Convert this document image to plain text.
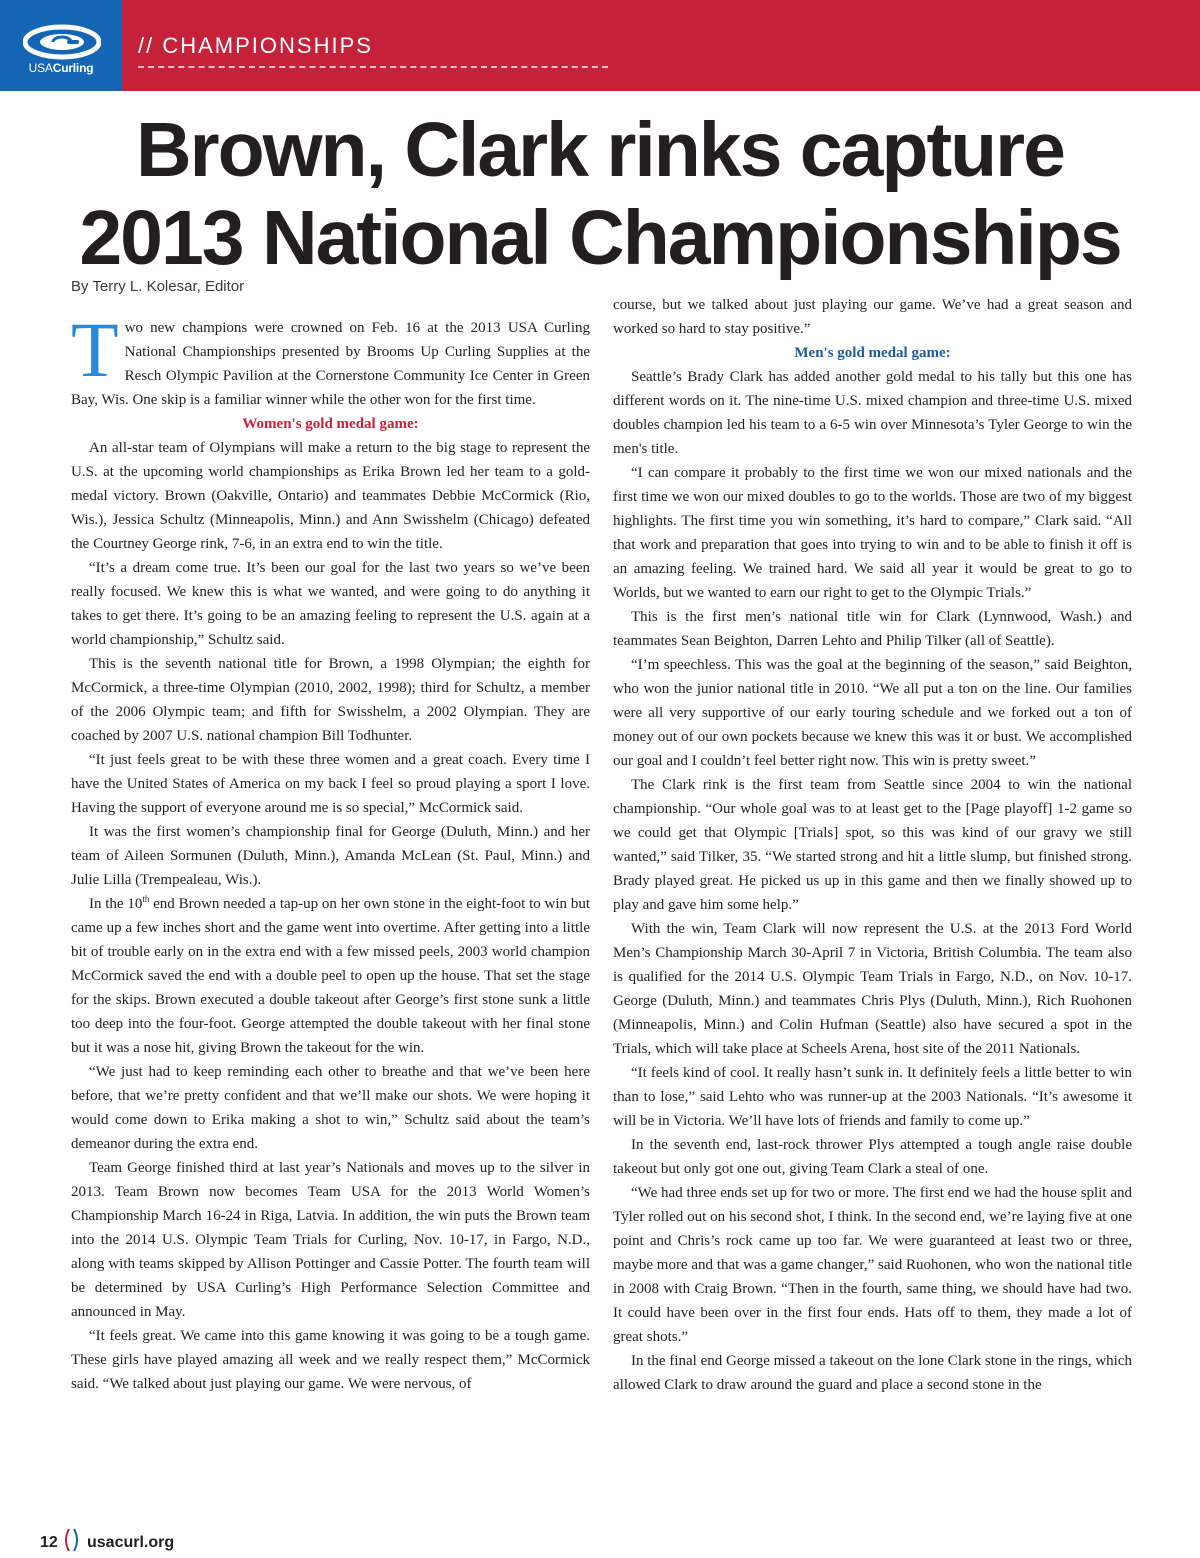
USACurling
// CHAMPIONSHIPS
Brown, Clark rinks capture
2013 National Championships
By Terry L. Kolesar, Editor

Two new champions were crowned on Feb. 16 at the 2013 USA Curling National Championships presented by Brooms Up Curling Supplies at the Resch Olympic Pavilion at the Cornerstone Community Ice Center in Green Bay, Wis. One skip is a familiar winner while the other won for the first time.

Women's gold medal game:

An all-star team of Olympians will make a return to the big stage to represent the U.S. at the upcoming world championships as Erika Brown led her team to a gold-medal victory. Brown (Oakville, Ontario) and teammates Debbie McCormick (Rio, Wis.), Jessica Schultz (Minneapolis, Minn.) and Ann Swisshelm (Chicago) defeated the Courtney George rink, 7-6, in an extra end to win the title.

“It’s a dream come true. It’s been our goal for the last two years so we’ve been really focused. We knew this is what we wanted, and were going to do anything it takes to get there. It’s going to be an amazing feeling to represent the U.S. again at a world championship,” Schultz said.

This is the seventh national title for Brown, a 1998 Olympian; the eighth for McCormick, a three-time Olympian (2010, 2002, 1998); third for Schultz, a member of the 2006 Olympic team; and fifth for Swisshelm, a 2002 Olympian. They are coached by 2007 U.S. national champion Bill Todhunter.

“It just feels great to be with these three women and a great coach. Every time I have the United States of America on my back I feel so proud playing a sport I love. Having the support of everyone around me is so special,” McCormick said.

It was the first women’s championship final for George (Duluth, Minn.) and her team of Aileen Sormunen (Duluth, Minn.), Amanda McLean (St. Paul, Minn.) and Julie Lilla (Trempealeau, Wis.).

In the 10th end Brown needed a tap-up on her own stone in the eight-foot to win but came up a few inches short and the game went into overtime. After getting into a little bit of trouble early on in the extra end with a few missed peels, 2003 world champion McCormick saved the end with a double peel to open up the house. That set the stage for the skips. Brown executed a double takeout after George’s first stone sunk a little too deep into the four-foot. George attempted the double takeout with her final stone but it was a nose hit, giving Brown the takeout for the win.

“We just had to keep reminding each other to breathe and that we’ve been here before, that we’re pretty confident and that we’ll make our shots. We were hoping it would come down to Erika making a shot to win,” Schultz said about the team’s demeanor during the extra end.

Team George finished third at last year’s Nationals and moves up to the silver in 2013. Team Brown now becomes Team USA for the 2013 World Women’s Championship March 16-24 in Riga, Latvia. In addition, the win puts the Brown team into the 2014 U.S. Olympic Team Trials for Curling, Nov. 10-17, in Fargo, N.D., along with teams skipped by Allison Pottinger and Cassie Potter. The fourth team will be determined by USA Curling’s High Performance Selection Committee and announced in May.

“It feels great. We came into this game knowing it was going to be a tough game. These girls have played amazing all week and we really respect them,” McCormick said. “We talked about just playing our game. We were nervous, of

course, but we talked about just playing our game. We’ve had a great season and worked so hard to stay positive.”

Men's gold medal game:

Seattle’s Brady Clark has added another gold medal to his tally but this one has different words on it. The nine-time U.S. mixed champion and three-time U.S. mixed doubles champion led his team to a 6-5 win over Minnesota’s Tyler George to win the men's title.

“I can compare it probably to the first time we won our mixed nationals and the first time we won our mixed doubles to go to the worlds. Those are two of my biggest highlights. The first time you win something, it’s hard to compare,” Clark said. “All that work and preparation that goes into trying to win and to be able to finish it off is an amazing feeling. We trained hard. We said all year it would be great to go to Worlds, but we wanted to earn our right to get to the Olympic Trials.”

This is the first men’s national title win for Clark (Lynnwood, Wash.) and teammates Sean Beighton, Darren Lehto and Philip Tilker (all of Seattle).

“I’m speechless. This was the goal at the beginning of the season,” said Beighton, who won the junior national title in 2010. “We all put a ton on the line. Our families were all very supportive of our early touring schedule and we forked out a ton of money out of our own pockets because we knew this was it or bust. We accomplished our goal and I couldn’t feel better right now. This win is pretty sweet.”

The Clark rink is the first team from Seattle since 2004 to win the national championship. “Our whole goal was to at least get to the [Page playoff] 1-2 game so we could get that Olympic [Trials] spot, so this was kind of our gravy we still wanted,” said Tilker, 35. “We started strong and hit a little slump, but finished strong. Brady played great. He picked us up in this game and then we finally showed up to play and gave him some help.”

With the win, Team Clark will now represent the U.S. at the 2013 Ford World Men’s Championship March 30-April 7 in Victoria, British Columbia. The team also is qualified for the 2014 U.S. Olympic Team Trials in Fargo, N.D., on Nov. 10-17. George (Duluth, Minn.) and teammates Chris Plys (Duluth, Minn.), Rich Ruohonen (Minneapolis, Minn.) and Colin Hufman (Seattle) also have secured a spot in the Trials, which will take place at Scheels Arena, host site of the 2011 Nationals.

“It feels kind of cool. It really hasn’t sunk in. It definitely feels a little better to win than to lose,” said Lehto who was runner-up at the 2003 Nationals. “It’s awesome it will be in Victoria. We’ll have lots of friends and family to come up.”

In the seventh end, last-rock thrower Plys attempted a tough angle raise double takeout but only got one out, giving Team Clark a steal of one.

“We had three ends set up for two or more. The first end we had the house split and Tyler rolled out on his second shot, I think. In the second end, we’re laying five at one point and Chris’s rock came up too far. We were guaranteed at least two or three, maybe more and that was a game changer,” said Ruohonen, who won the national title in 2008 with Craig Brown. “Then in the fourth, same thing, we should have had two. It could have been over in the first four ends. Hats off to them, they made a lot of great shots.”

In the final end George missed a takeout on the lone Clark stone in the rings, which allowed Clark to draw around the guard and place a second stone in the

12 usacurl.org
